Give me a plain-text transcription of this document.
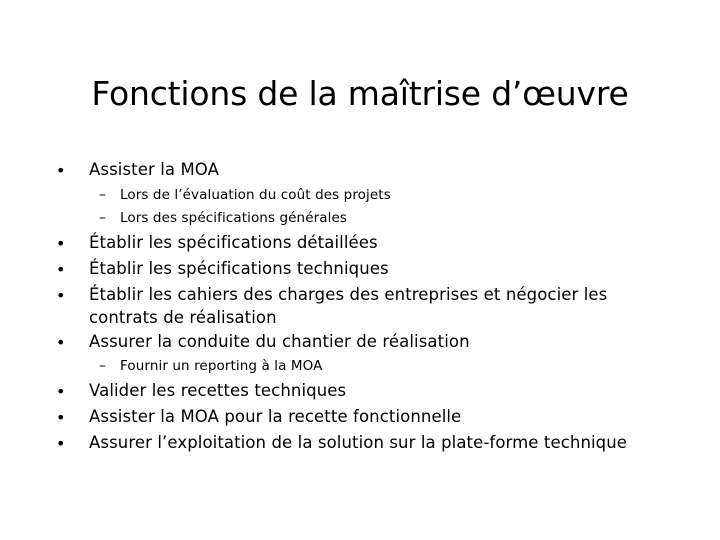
Fonctions de la maîtrise d’œuvre
• Assister la MOA
– Lors de l’évaluation du coût des projets
– Lors des spécifications générales
• Établir les spécifications détaillées
• Établir les spécifications techniques
• Établir les cahiers des charges des entreprises et négocier les contrats de réalisation
• Assurer la conduite du chantier de réalisation
– Fournir un reporting à la MOA
• Valider les recettes techniques
• Assister la MOA pour la recette fonctionnelle
• Assurer l’exploitation de la solution sur la plate-forme technique
